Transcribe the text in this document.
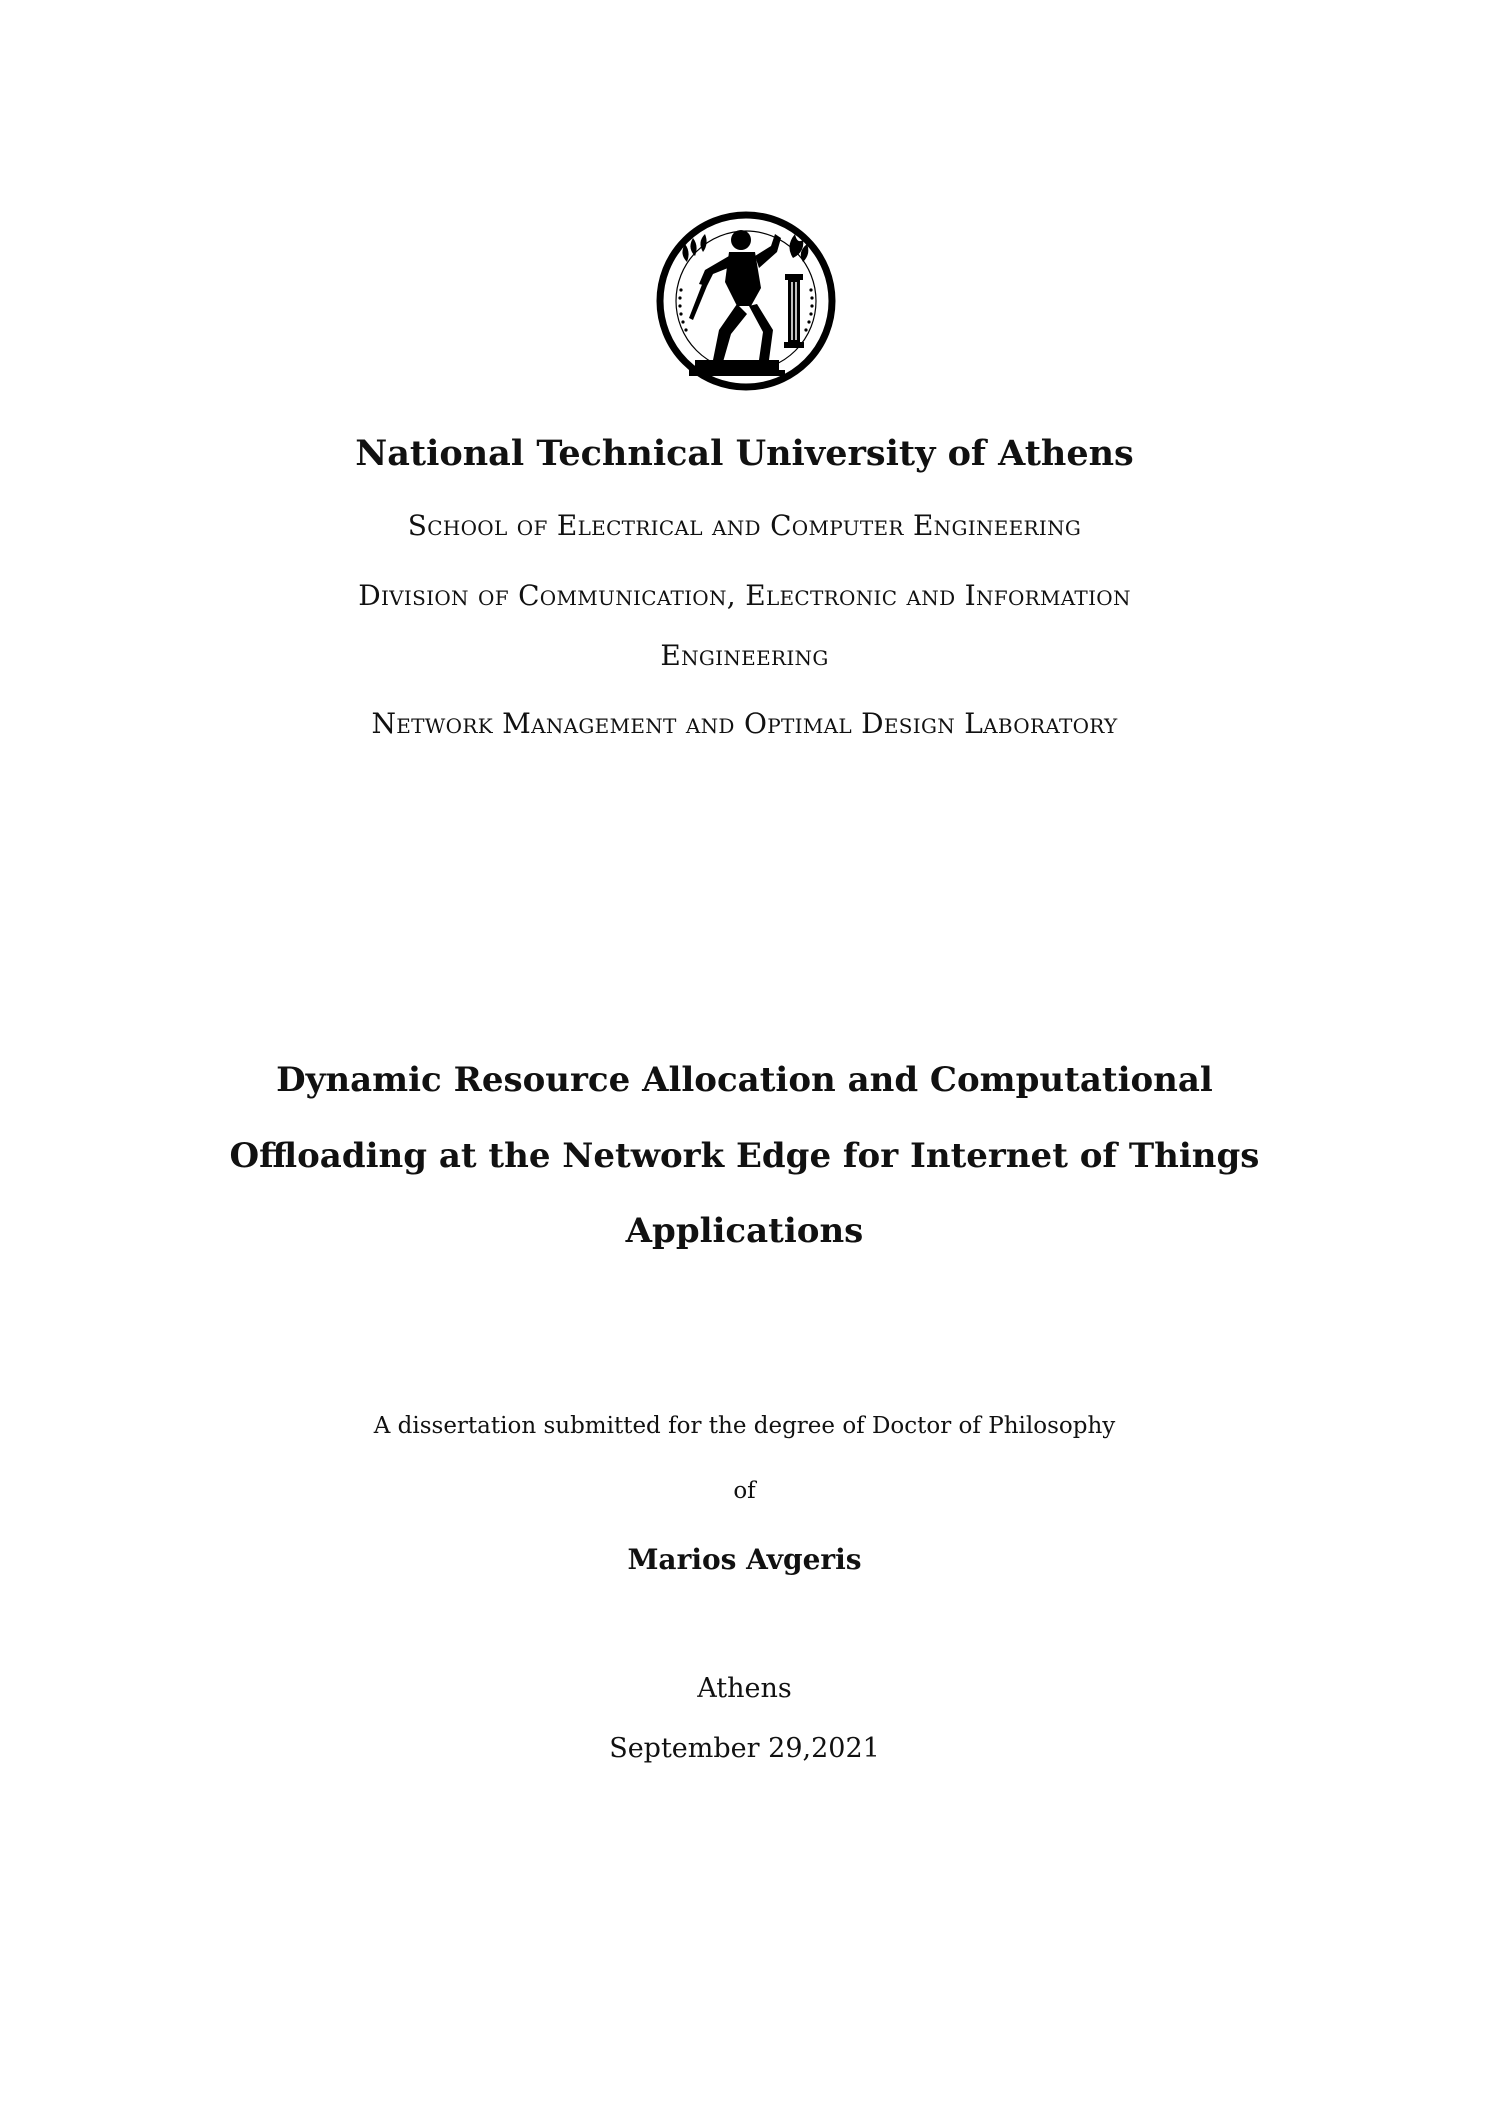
National Technical University of Athens

School of Electrical and Computer Engineering

Division of Communication, Electronic and Information

Engineering

Network Management and Optimal Design Laboratory

Dynamic Resource Allocation and Computational

Offloading at the Network Edge for Internet of Things

Applications

A dissertation submitted for the degree of Doctor of Philosophy

of

Marios Avgeris

Athens

September 29,2021
